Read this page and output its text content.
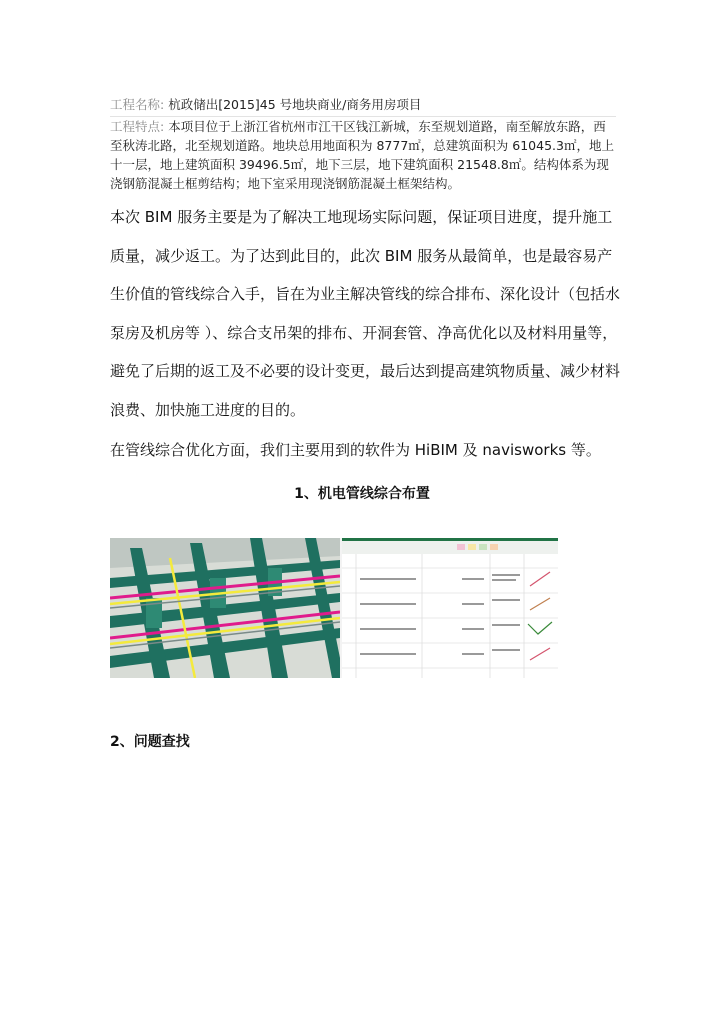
工程名称: 杭政储出[2015]45 号地块商业/商务用房项目
工程特点: 本项目位于上浙江省杭州市江干区钱江新城，东至规划道路，南至解放东路，西至秋涛北路，北至规划道路。地块总用地面积为 8777㎡，总建筑面积为 61045.3㎡，地上十一层，地上建筑面积 39496.5㎡，地下三层，地下建筑面积 21548.8㎡。结构体系为现浇钢筋混凝土框剪结构；地下室采用现浇钢筋混凝土框架结构。
本次 BIM 服务主要是为了解决工地现场实际问题，保证项目进度，提升施工质量，减少返工。为了达到此目的，此次 BIM 服务从最简单，也是最容易产生价值的管线综合入手，旨在为业主解决管线的综合排布、深化设计（包括水泵房及机房等 ）、综合支吊架的排布、开洞套管、净高优化以及材料用量等，避免了后期的返工及不必要的设计变更，最后达到提高建筑物质量、减少材料浪费、加快施工进度的目的。
在管线综合优化方面，我们主要用到的软件为 HiBIM 及 navisworks 等。
1、机电管线综合布置
2、问题查找
